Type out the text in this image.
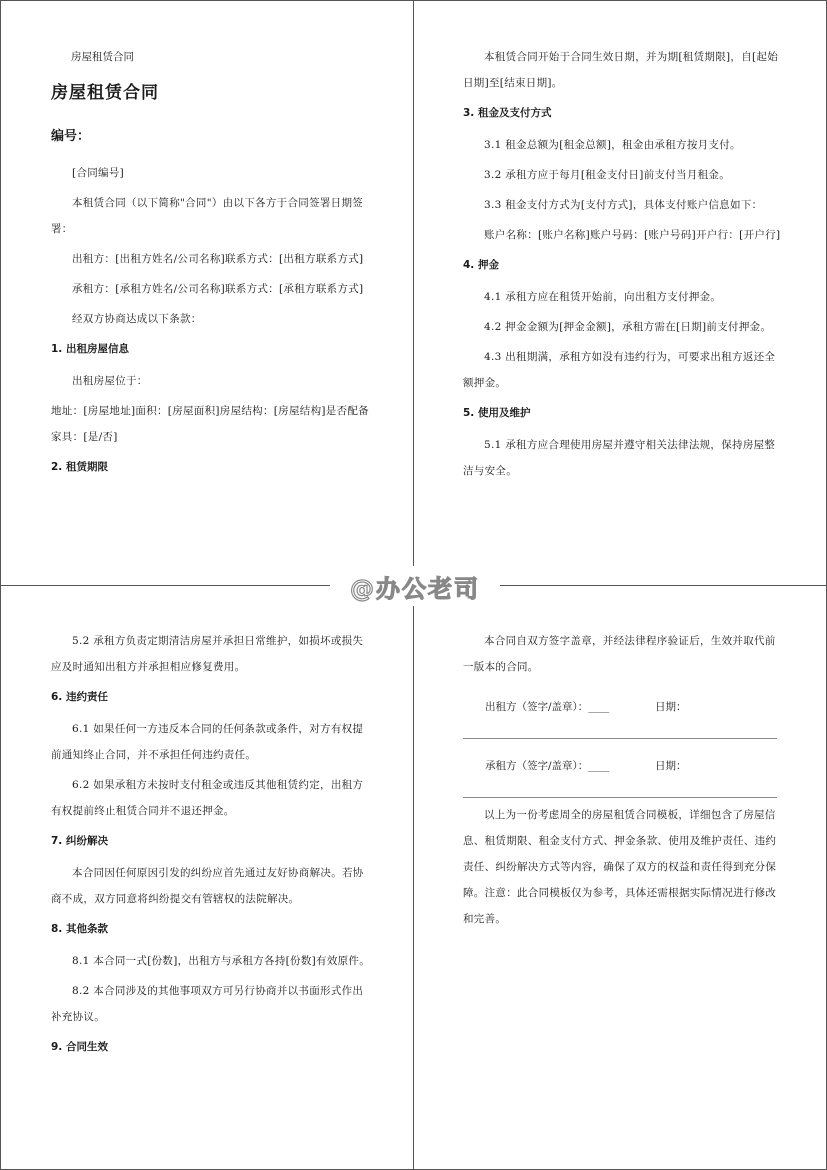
房屋租赁合同
房屋租赁合同
编号：

[合同编号]

本租赁合同（以下简称"合同"）由以下各方于合同签署日期签署：

出租方：[出租方姓名/公司名称]联系方式：[出租方联系方式]

承租方：[承租方姓名/公司名称]联系方式：[承租方联系方式]

经双方协商达成以下条款：

1. 出租房屋信息

出租房屋位于：

地址：[房屋地址]面积：[房屋面积]房屋结构：[房屋结构]是否配备家具：[是/否]

2. 租赁期限

本租赁合同开始于合同生效日期，并为期[租赁期限]，自[起始日期]至[结束日期]。

3. 租金及支付方式

3.1 租金总额为[租金总额]，租金由承租方按月支付。

3.2 承租方应于每月[租金支付日]前支付当月租金。

3.3 租金支付方式为[支付方式]，具体支付账户信息如下：

账户名称：[账户名称]账户号码：[账户号码]开户行：[开户行]

4. 押金

4.1 承租方应在租赁开始前，向出租方支付押金。

4.2 押金金额为[押金金额]，承租方需在[日期]前支付押金。

4.3 出租期满，承租方如没有违约行为，可要求出租方返还全额押金。

5. 使用及维护

5.1 承租方应合理使用房屋并遵守相关法律法规，保持房屋整洁与安全。

5.2 承租方负责定期清洁房屋并承担日常维护，如损坏或损失应及时通知出租方并承担相应修复费用。

6. 违约责任

6.1 如果任何一方违反本合同的任何条款或条件，对方有权提前通知终止合同，并不承担任何违约责任。

6.2 如果承租方未按时支付租金或违反其他租赁约定，出租方有权提前终止租赁合同并不退还押金。

7. 纠纷解决

本合同因任何原因引发的纠纷应首先通过友好协商解决。若协商不成，双方同意将纠纷提交有管辖权的法院解决。

8. 其他条款

8.1 本合同一式[份数]，出租方与承租方各持[份数]有效原件。

8.2 本合同涉及的其他事项双方可另行协商并以书面形式作出补充协议。

9. 合同生效

本合同自双方签字盖章，并经法律程序验证后，生效并取代前一版本的合同。

出租方（签字/盖章）：____	日期：
承租方（签字/盖章）：____	日期：

以上为一份考虑周全的房屋租赁合同模板，详细包含了房屋信息、租赁期限、租金支付方式、押金条款、使用及维护责任、违约责任、纠纷解决方式等内容，确保了双方的权益和责任得到充分保障。注意：此合同模板仅为参考，具体还需根据实际情况进行修改和完善。

@办公老司
